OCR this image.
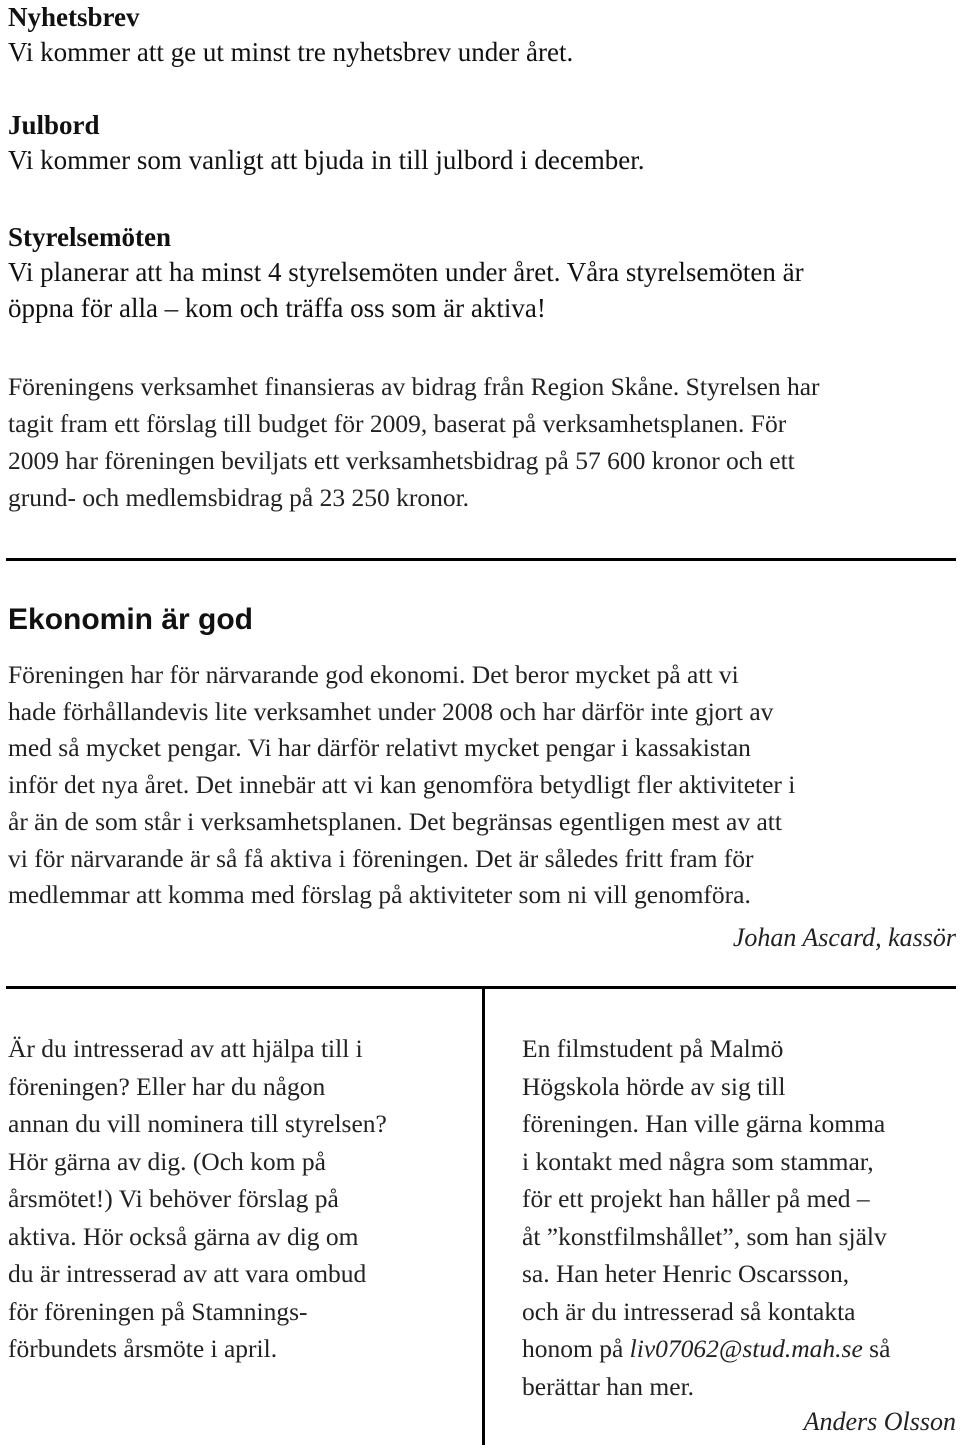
Nyhetsbrev
Vi kommer att ge ut minst tre nyhetsbrev under året.
Julbord
Vi kommer som vanligt att bjuda in till julbord i december.
Styrelsemöten
Vi planerar att ha minst 4 styrelsemöten under året. Våra styrelsemöten är
öppna för alla – kom och träffa oss som är aktiva!
Föreningens verksamhet finansieras av bidrag från Region Skåne. Styrelsen har
tagit fram ett förslag till budget för 2009, baserat på verksamhetsplanen. För
2009 har föreningen beviljats ett verksamhetsbidrag på 57 600 kronor och ett
grund- och medlemsbidrag på 23 250 kronor.
Ekonomin är god
Föreningen har för närvarande god ekonomi. Det beror mycket på att vi
hade förhållandevis lite verksamhet under 2008 och har därför inte gjort av
med så mycket pengar. Vi har därför relativt mycket pengar i kassakistan
inför det nya året. Det innebär att vi kan genomföra betydligt fler aktiviteter i
år än de som står i verksamhetsplanen. Det begränsas egentligen mest av att
vi för närvarande är så få aktiva i föreningen. Det är således fritt fram för
medlemmar att komma med förslag på aktiviteter som ni vill genomföra.
Johan Ascard, kassör
Är du intresserad av att hjälpa till i
föreningen? Eller har du någon
annan du vill nominera till styrelsen?
Hör gärna av dig. (Och kom på
årsmötet!) Vi behöver förslag på
aktiva. Hör också gärna av dig om
du är intresserad av att vara ombud
för föreningen på Stamnings-
förbundets årsmöte i april.
En filmstudent på Malmö
Högskola hörde av sig till
föreningen. Han ville gärna komma
i kontakt med några som stammar,
för ett projekt han håller på med –
åt ”konstfilmshållet”, som han själv
sa. Han heter Henric Oscarsson,
och är du intresserad så kontakta
honom på liv07062@stud.mah.se så
berättar han mer.
Anders Olsson
